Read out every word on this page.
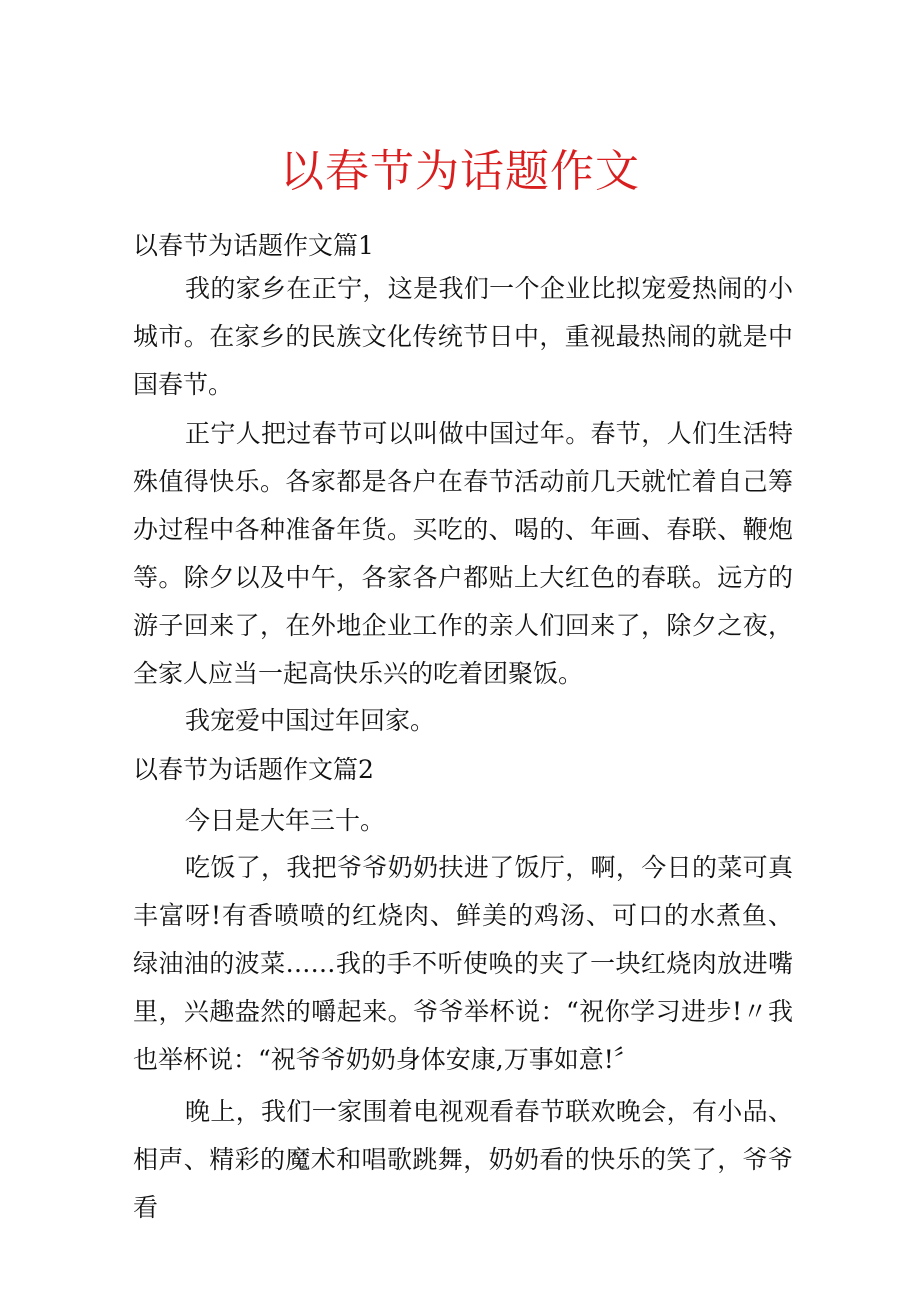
以春节为话题作文
以春节为话题作文篇1

我的家乡在正宁，这是我们一个企业比拟宠爱热闹的小城市。在家乡的民族文化传统节日中，重视最热闹的就是中国春节。

正宁人把过春节可以叫做中国过年。春节，人们生活特殊值得快乐。各家都是各户在春节活动前几天就忙着自己筹办过程中各种准备年货。买吃的、喝的、年画、春联、鞭炮等。除夕以及中午，各家各户都贴上大红色的春联。远方的游子回来了，在外地企业工作的亲人们回来了，除夕之夜，全家人应当一起高快乐兴的吃着团聚饭。

我宠爱中国过年回家。

以春节为话题作文篇2

今日是大年三十。

吃饭了，我把爷爷奶奶扶进了饭厅，啊，今日的菜可真丰富呀!有香喷喷的红烧肉、鲜美的鸡汤、可口的水煮鱼、绿油油的波菜……我的手不听使唤的夹了一块红烧肉放进嘴里，兴趣盎然的嚼起来。爷爷举杯说：“祝你学习进步!〃我也举杯说：“祝爷爷奶奶身体安康,万事如意!〞

晚上，我们一家围着电视观看春节联欢晚会，有小品、相声、精彩的魔术和唱歌跳舞，奶奶看的快乐的笑了，爷爷看
